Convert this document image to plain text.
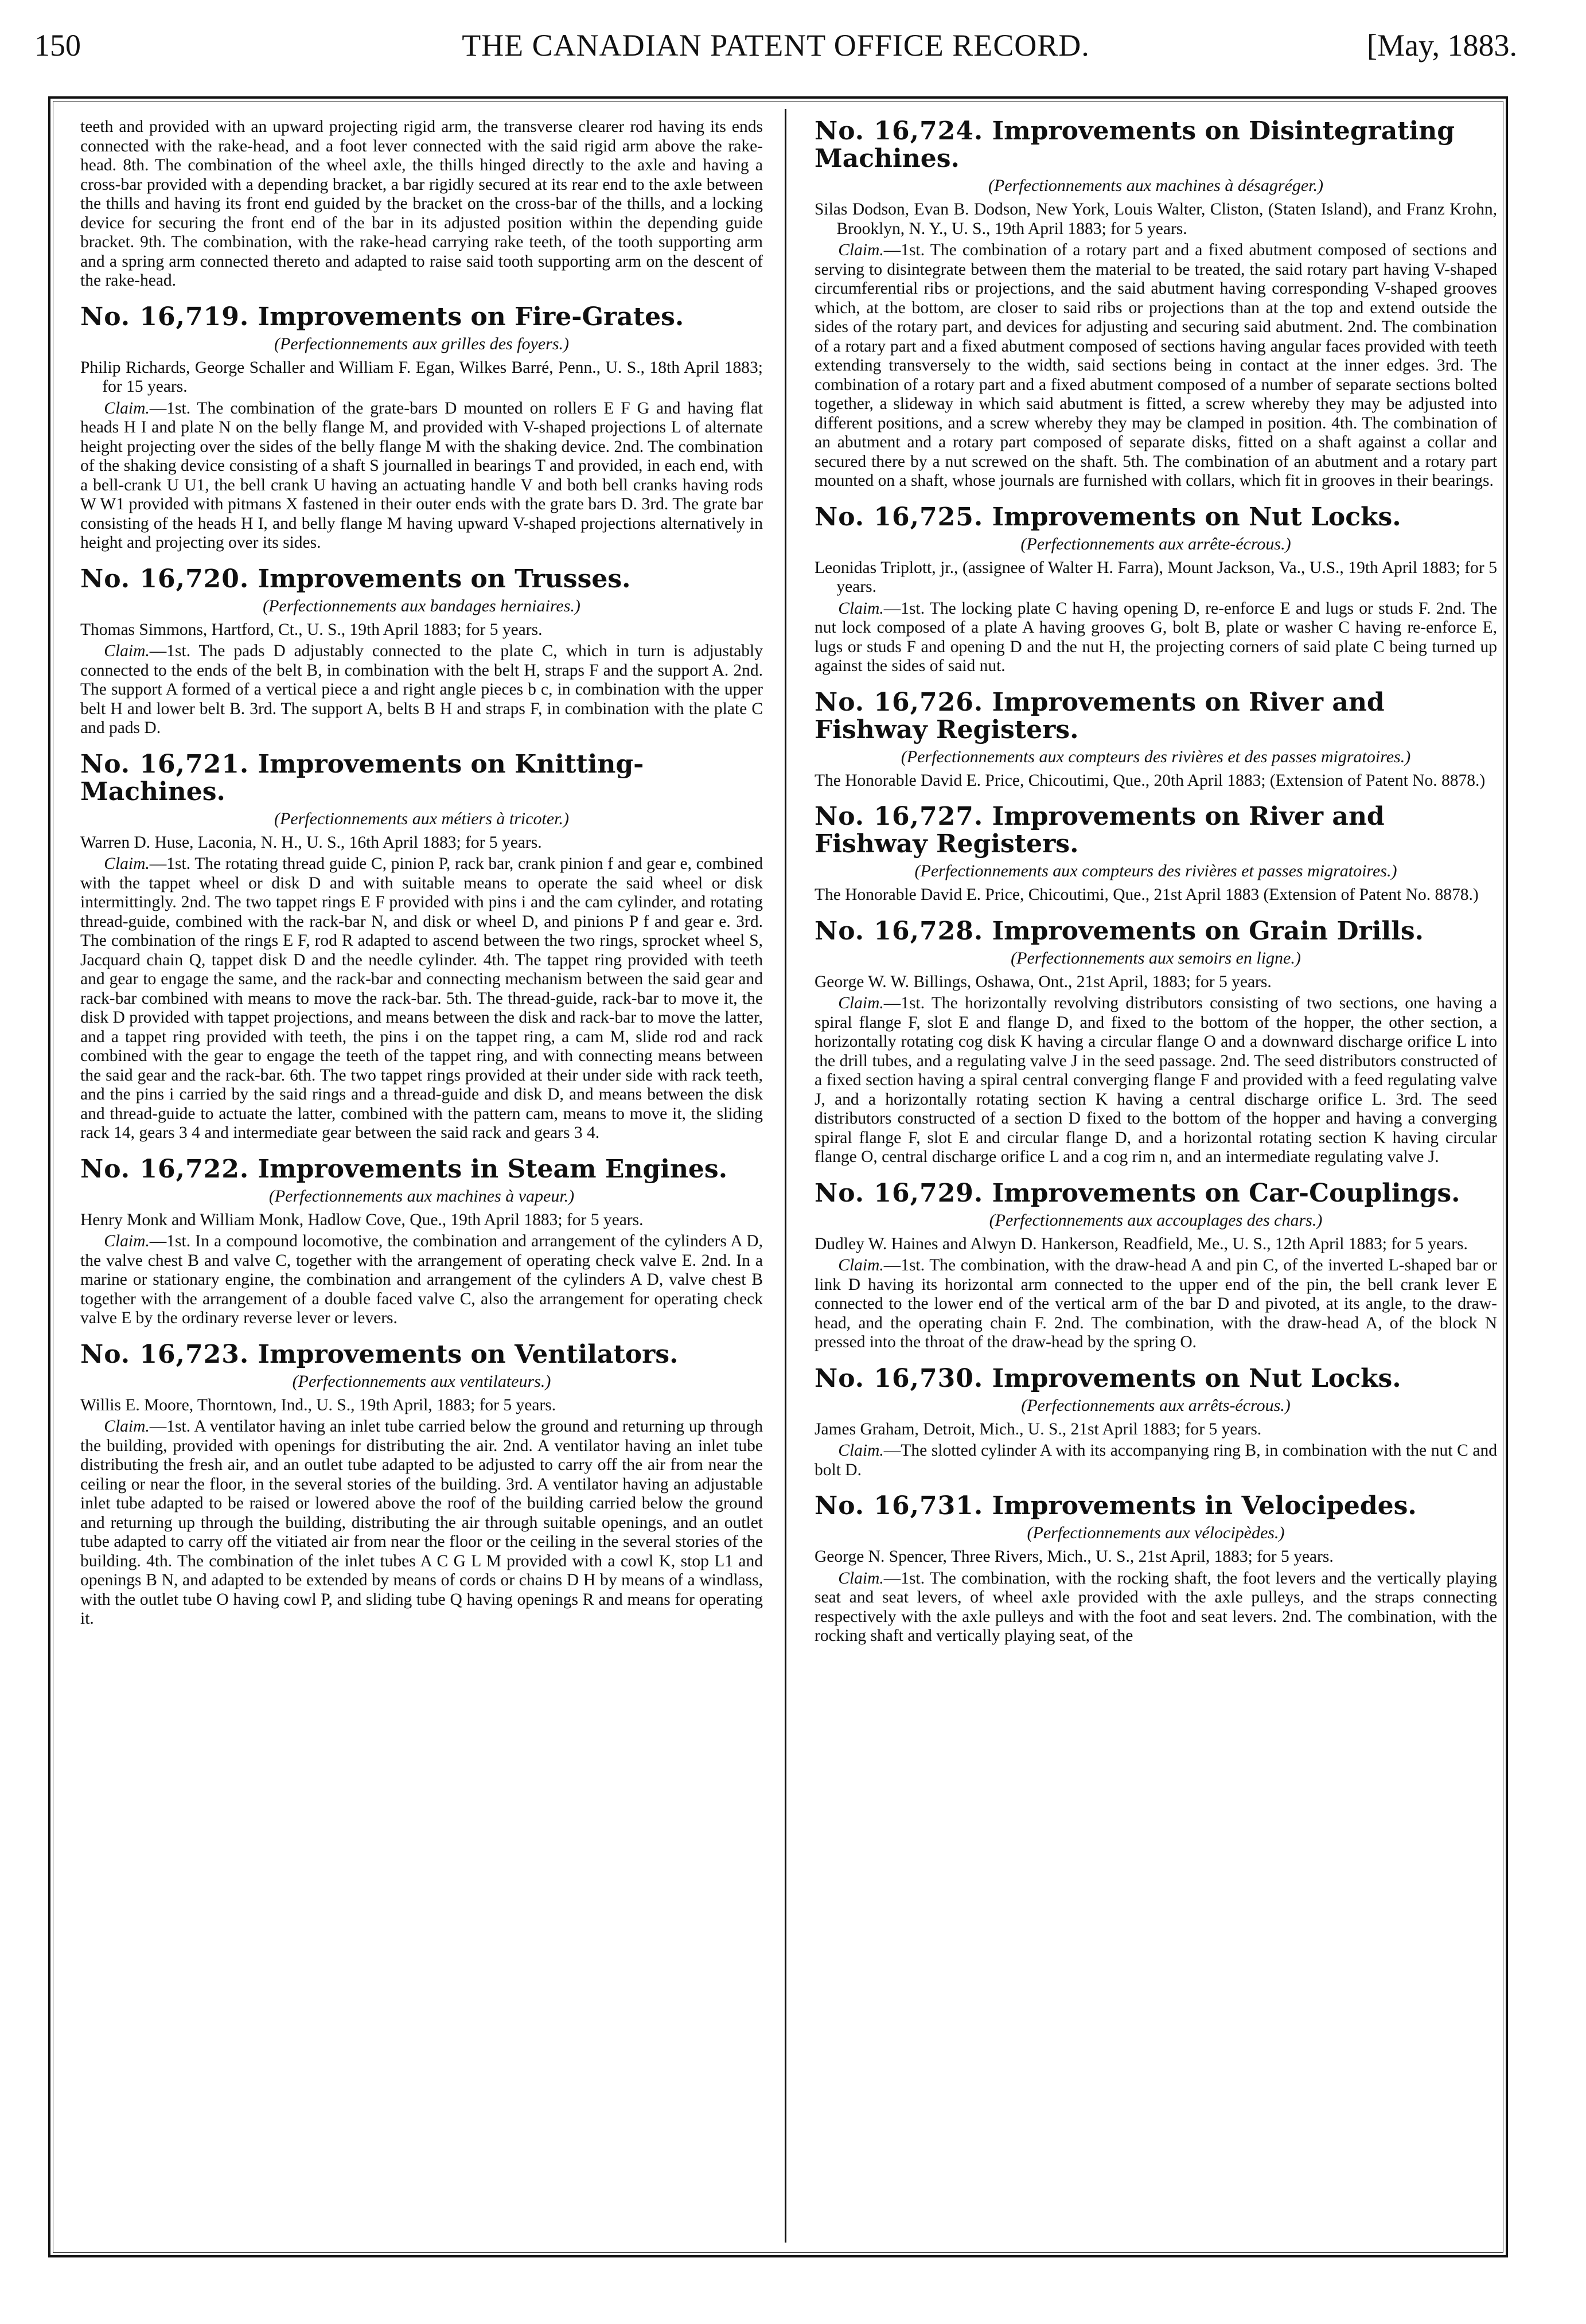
150	THE CANADIAN PATENT OFFICE RECORD.	[May, 1883.

teeth and provided with an upward projecting rigid arm, the transverse clearer rod having its ends connected with the rake-head, and a foot lever connected with the said rigid arm above the rake-head. 8th. The combination of the wheel axle, the thills hinged directly to the axle and having a cross-bar provided with a depending bracket, a bar rigidly secured at its rear end to the axle between the thills and having its front end guided by the bracket on the cross-bar of the thills, and a locking device for securing the front end of the bar in its adjusted position within the depending guide bracket. 9th. The combination, with the rake-head carrying rake teeth, of the tooth supporting arm and a spring arm connected thereto and adapted to raise said tooth supporting arm on the descent of the rake-head.

No. 16,719. Improvements on Fire-Grates.
(Perfectionnements aux grilles des foyers.)

Philip Richards, George Schaller and William F. Egan, Wilkes Barré, Penn., U. S., 18th April 1883; for 15 years.

Claim.—1st. The combination of the grate-bars D mounted on rollers E F G and having flat heads H I and plate N on the belly flange M, and provided with V-shaped projections L of alternate height projecting over the sides of the belly flange M with the shaking device. 2nd. The combination of the shaking device consisting of a shaft S journalled in bearings T and provided, in each end, with a bell-crank U U1, the bell crank U having an actuating handle V and both bell cranks having rods W W1 provided with pitmans X fastened in their outer ends with the grate bars D. 3rd. The grate bar consisting of the heads H I, and belly flange M having upward V-shaped projections alternatively in height and projecting over its sides.

No. 16,720. Improvements on Trusses.
(Perfectionnements aux bandages herniaires.)

Thomas Simmons, Hartford, Ct., U. S., 19th April 1883; for 5 years.

Claim.—1st. The pads D adjustably connected to the plate C, which in turn is adjustably connected to the ends of the belt B, in combination with the belt H, straps F and the support A. 2nd. The support A formed of a vertical piece a and right angle pieces b c, in combination with the upper belt H and lower belt B. 3rd. The support A, belts B H and straps F, in combination with the plate C and pads D.

No. 16,721. Improvements on Knitting-Machines.
(Perfectionnements aux métiers à tricoter.)

Warren D. Huse, Laconia, N. H., U. S., 16th April 1883; for 5 years.

Claim.—1st. The rotating thread guide C, pinion P, rack bar, crank pinion f and gear e, combined with the tappet wheel or disk D and with suitable means to operate the said wheel or disk intermittingly. 2nd. The two tappet rings E F provided with pins i and the cam cylinder, and rotating thread-guide, combined with the rack-bar N, and disk or wheel D, and pinions P f and gear e. 3rd. The combination of the rings E F, rod R adapted to ascend between the two rings, sprocket wheel S, Jacquard chain Q, tappet disk D and the needle cylinder. 4th. The tappet ring provided with teeth and gear to engage the same, and the rack-bar and connecting mechanism between the said gear and rack-bar combined with means to move the rack-bar. 5th. The thread-guide, rack-bar to move it, the disk D provided with tappet projections, and means between the disk and rack-bar to move the latter, and a tappet ring provided with teeth, the pins i on the tappet ring, a cam M, slide rod and rack combined with the gear to engage the teeth of the tappet ring, and with connecting means between the said gear and the rack-bar. 6th. The two tappet rings provided at their under side with rack teeth, and the pins i carried by the said rings and a thread-guide and disk D, and means between the disk and thread-guide to actuate the latter, combined with the pattern cam, means to move it, the sliding rack 14, gears 3 4 and intermediate gear between the said rack and gears 3 4.

No. 16,722. Improvements in Steam Engines.
(Perfectionnements aux machines à vapeur.)

Henry Monk and William Monk, Hadlow Cove, Que., 19th April 1883; for 5 years.

Claim.—1st. In a compound locomotive, the combination and arrangement of the cylinders A D, the valve chest B and valve C, together with the arrangement of operating check valve E. 2nd. In a marine or stationary engine, the combination and arrangement of the cylinders A D, valve chest B together with the arrangement of a double faced valve C, also the arrangement for operating check valve E by the ordinary reverse lever or levers.

No. 16,723. Improvements on Ventilators.
(Perfectionnements aux ventilateurs.)

Willis E. Moore, Thorntown, Ind., U. S., 19th April, 1883; for 5 years.

Claim.—1st. A ventilator having an inlet tube carried below the ground and returning up through the building, provided with openings for distributing the air. 2nd. A ventilator having an inlet tube distributing the fresh air, and an outlet tube adapted to be adjusted to carry off the air from near the ceiling or near the floor, in the several stories of the building. 3rd. A ventilator having an adjustable inlet tube adapted to be raised or lowered above the roof of the building carried below the ground and returning up through the building, distributing the air through suitable openings, and an outlet tube adapted to carry off the vitiated air from near the floor or the ceiling in the several stories of the building. 4th. The combination of the inlet tubes A C G L M provided with a cowl K, stop L1 and openings B N, and adapted to be extended by means of cords or chains D H by means of a windlass, with the outlet tube O having cowl P, and sliding tube Q having openings R and means for operating it.

No. 16,724. Improvements on Disintegrating Machines.
(Perfectionnements aux machines à désagréger.)

Silas Dodson, Evan B. Dodson, New York, Louis Walter, Cliston, (Staten Island), and Franz Krohn, Brooklyn, N. Y., U. S., 19th April 1883; for 5 years.

Claim.—1st. The combination of a rotary part and a fixed abutment composed of sections and serving to disintegrate between them the material to be treated, the said rotary part having V-shaped circumferential ribs or projections, and the said abutment having corresponding V-shaped grooves which, at the bottom, are closer to said ribs or projections than at the top and extend outside the sides of the rotary part, and devices for adjusting and securing said abutment. 2nd. The combination of a rotary part and a fixed abutment composed of sections having angular faces provided with teeth extending transversely to the width, said sections being in contact at the inner edges. 3rd. The combination of a rotary part and a fixed abutment composed of a number of separate sections bolted together, a slideway in which said abutment is fitted, a screw whereby they may be adjusted into different positions, and a screw whereby they may be clamped in position. 4th. The combination of an abutment and a rotary part composed of separate disks, fitted on a shaft against a collar and secured there by a nut screwed on the shaft. 5th. The combination of an abutment and a rotary part mounted on a shaft, whose journals are furnished with collars, which fit in grooves in their bearings.

No. 16,725. Improvements on Nut Locks.
(Perfectionnements aux arrête-écrous.)

Leonidas Triplott, jr., (assignee of Walter H. Farra), Mount Jackson, Va., U.S., 19th April 1883; for 5 years.

Claim.—1st. The locking plate C having opening D, re-enforce E and lugs or studs F. 2nd. The nut lock composed of a plate A having grooves G, bolt B, plate or washer C having re-enforce E, lugs or studs F and opening D and the nut H, the projecting corners of said plate C being turned up against the sides of said nut.

No. 16,726. Improvements on River and Fishway Registers.
(Perfectionnements aux compteurs des rivières et des passes migratoires.)

The Honorable David E. Price, Chicoutimi, Que., 20th April 1883; (Extension of Patent No. 8878.)

No. 16,727. Improvements on River and Fishway Registers.
(Perfectionnements aux compteurs des rivières et passes migratoires.)

The Honorable David E. Price, Chicoutimi, Que., 21st April 1883 (Extension of Patent No. 8878.)

No. 16,728. Improvements on Grain Drills.
(Perfectionnements aux semoirs en ligne.)

George W. W. Billings, Oshawa, Ont., 21st April, 1883; for 5 years.

Claim.—1st. The horizontally revolving distributors consisting of two sections, one having a spiral flange F, slot E and flange D, and fixed to the bottom of the hopper, the other section, a horizontally rotating cog disk K having a circular flange O and a downward discharge orifice L into the drill tubes, and a regulating valve J in the seed passage. 2nd. The seed distributors constructed of a fixed section having a spiral central converging flange F and provided with a feed regulating valve J, and a horizontally rotating section K having a central discharge orifice L. 3rd. The seed distributors constructed of a section D fixed to the bottom of the hopper and having a converging spiral flange F, slot E and circular flange D, and a horizontal rotating section K having circular flange O, central discharge orifice L and a cog rim n, and an intermediate regulating valve J.

No. 16,729. Improvements on Car-Couplings.
(Perfectionnements aux accouplages des chars.)

Dudley W. Haines and Alwyn D. Hankerson, Readfield, Me., U. S., 12th April 1883; for 5 years.

Claim.—1st. The combination, with the draw-head A and pin C, of the inverted L-shaped bar or link D having its horizontal arm connected to the upper end of the pin, the bell crank lever E connected to the lower end of the vertical arm of the bar D and pivoted, at its angle, to the draw-head, and the operating chain F. 2nd. The combination, with the draw-head A, of the block N pressed into the throat of the draw-head by the spring O.

No. 16,730. Improvements on Nut Locks.
(Perfectionnements aux arrêts-écrous.)

James Graham, Detroit, Mich., U. S., 21st April 1883; for 5 years.

Claim.—The slotted cylinder A with its accompanying ring B, in combination with the nut C and bolt D.

No. 16,731. Improvements in Velocipedes.
(Perfectionnements aux vélocipèdes.)

George N. Spencer, Three Rivers, Mich., U. S., 21st April, 1883; for 5 years.

Claim.—1st. The combination, with the rocking shaft, the foot levers and the vertically playing seat and seat levers, of wheel axle provided with the axle pulleys, and the straps connecting respectively with the axle pulleys and with the foot and seat levers. 2nd. The combination, with the rocking shaft and vertically playing seat, of the
